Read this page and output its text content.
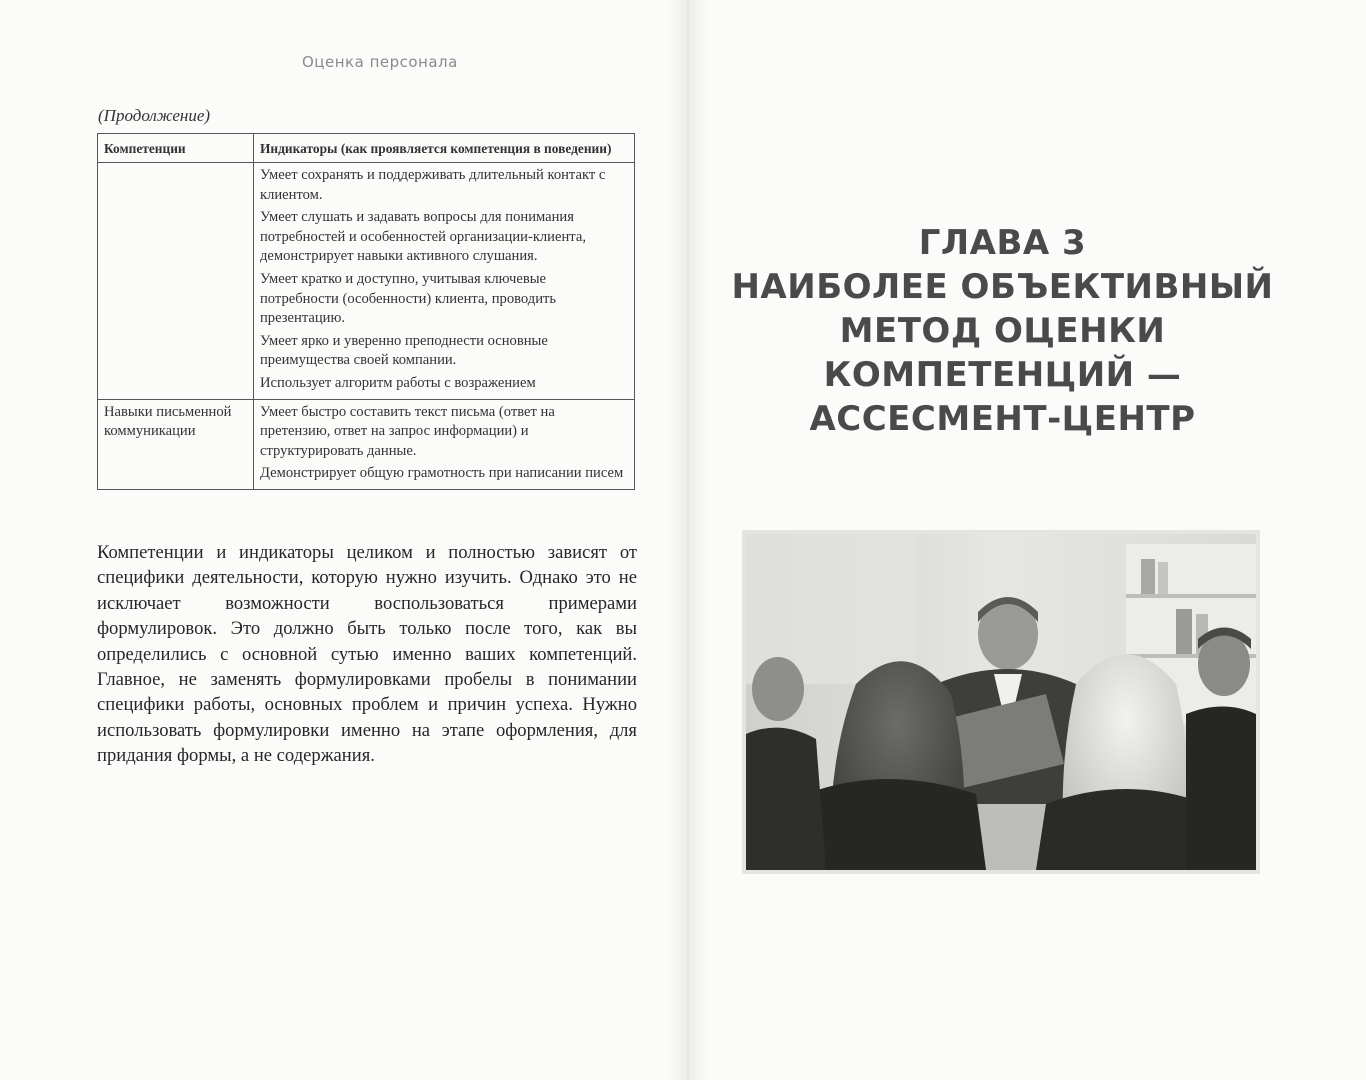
Оценка персонала
(Продолжение)
Компетенции	Индикаторы (как проявляется компетенция в поведении)

	Умеет сохранять и поддерживать длительный контакт с клиентом.
Умеет слушать и задавать вопросы для понимания потребностей и особенностей организации-клиента, демонстрирует навыки активного слушания.
Умеет кратко и доступно, учитывая ключевые потребности (особенности) клиента, проводить презентацию.
Умеет ярко и уверенно преподнести основные преимущества своей компании.
Использует алгоритм работы с возражением

Навыки письменной коммуникации	Умеет быстро составить текст письма (ответ на претензию, ответ на запрос информации) и структурировать данные.
Демонстрирует общую грамотность при написании писем
Компетенции и индикаторы целиком и полностью зависят от специфики деятельности, которую нужно изучить. Однако это не исключает возможности воспользоваться примерами формулировок. Это должно быть только после того, как вы определились с основной сутью именно ваших компетенций. Главное, не заменять формулировками пробелы в понимании специфики работы, основных проблем и причин успеха. Нужно использовать формулировки именно на этапе оформления, для придания формы, а не содержания.
ГЛАВА 3
НАИБОЛЕЕ ОБЪЕКТИВНЫЙ
МЕТОД ОЦЕНКИ
КОМПЕТЕНЦИЙ —
АССЕСМЕНТ-ЦЕНТР
